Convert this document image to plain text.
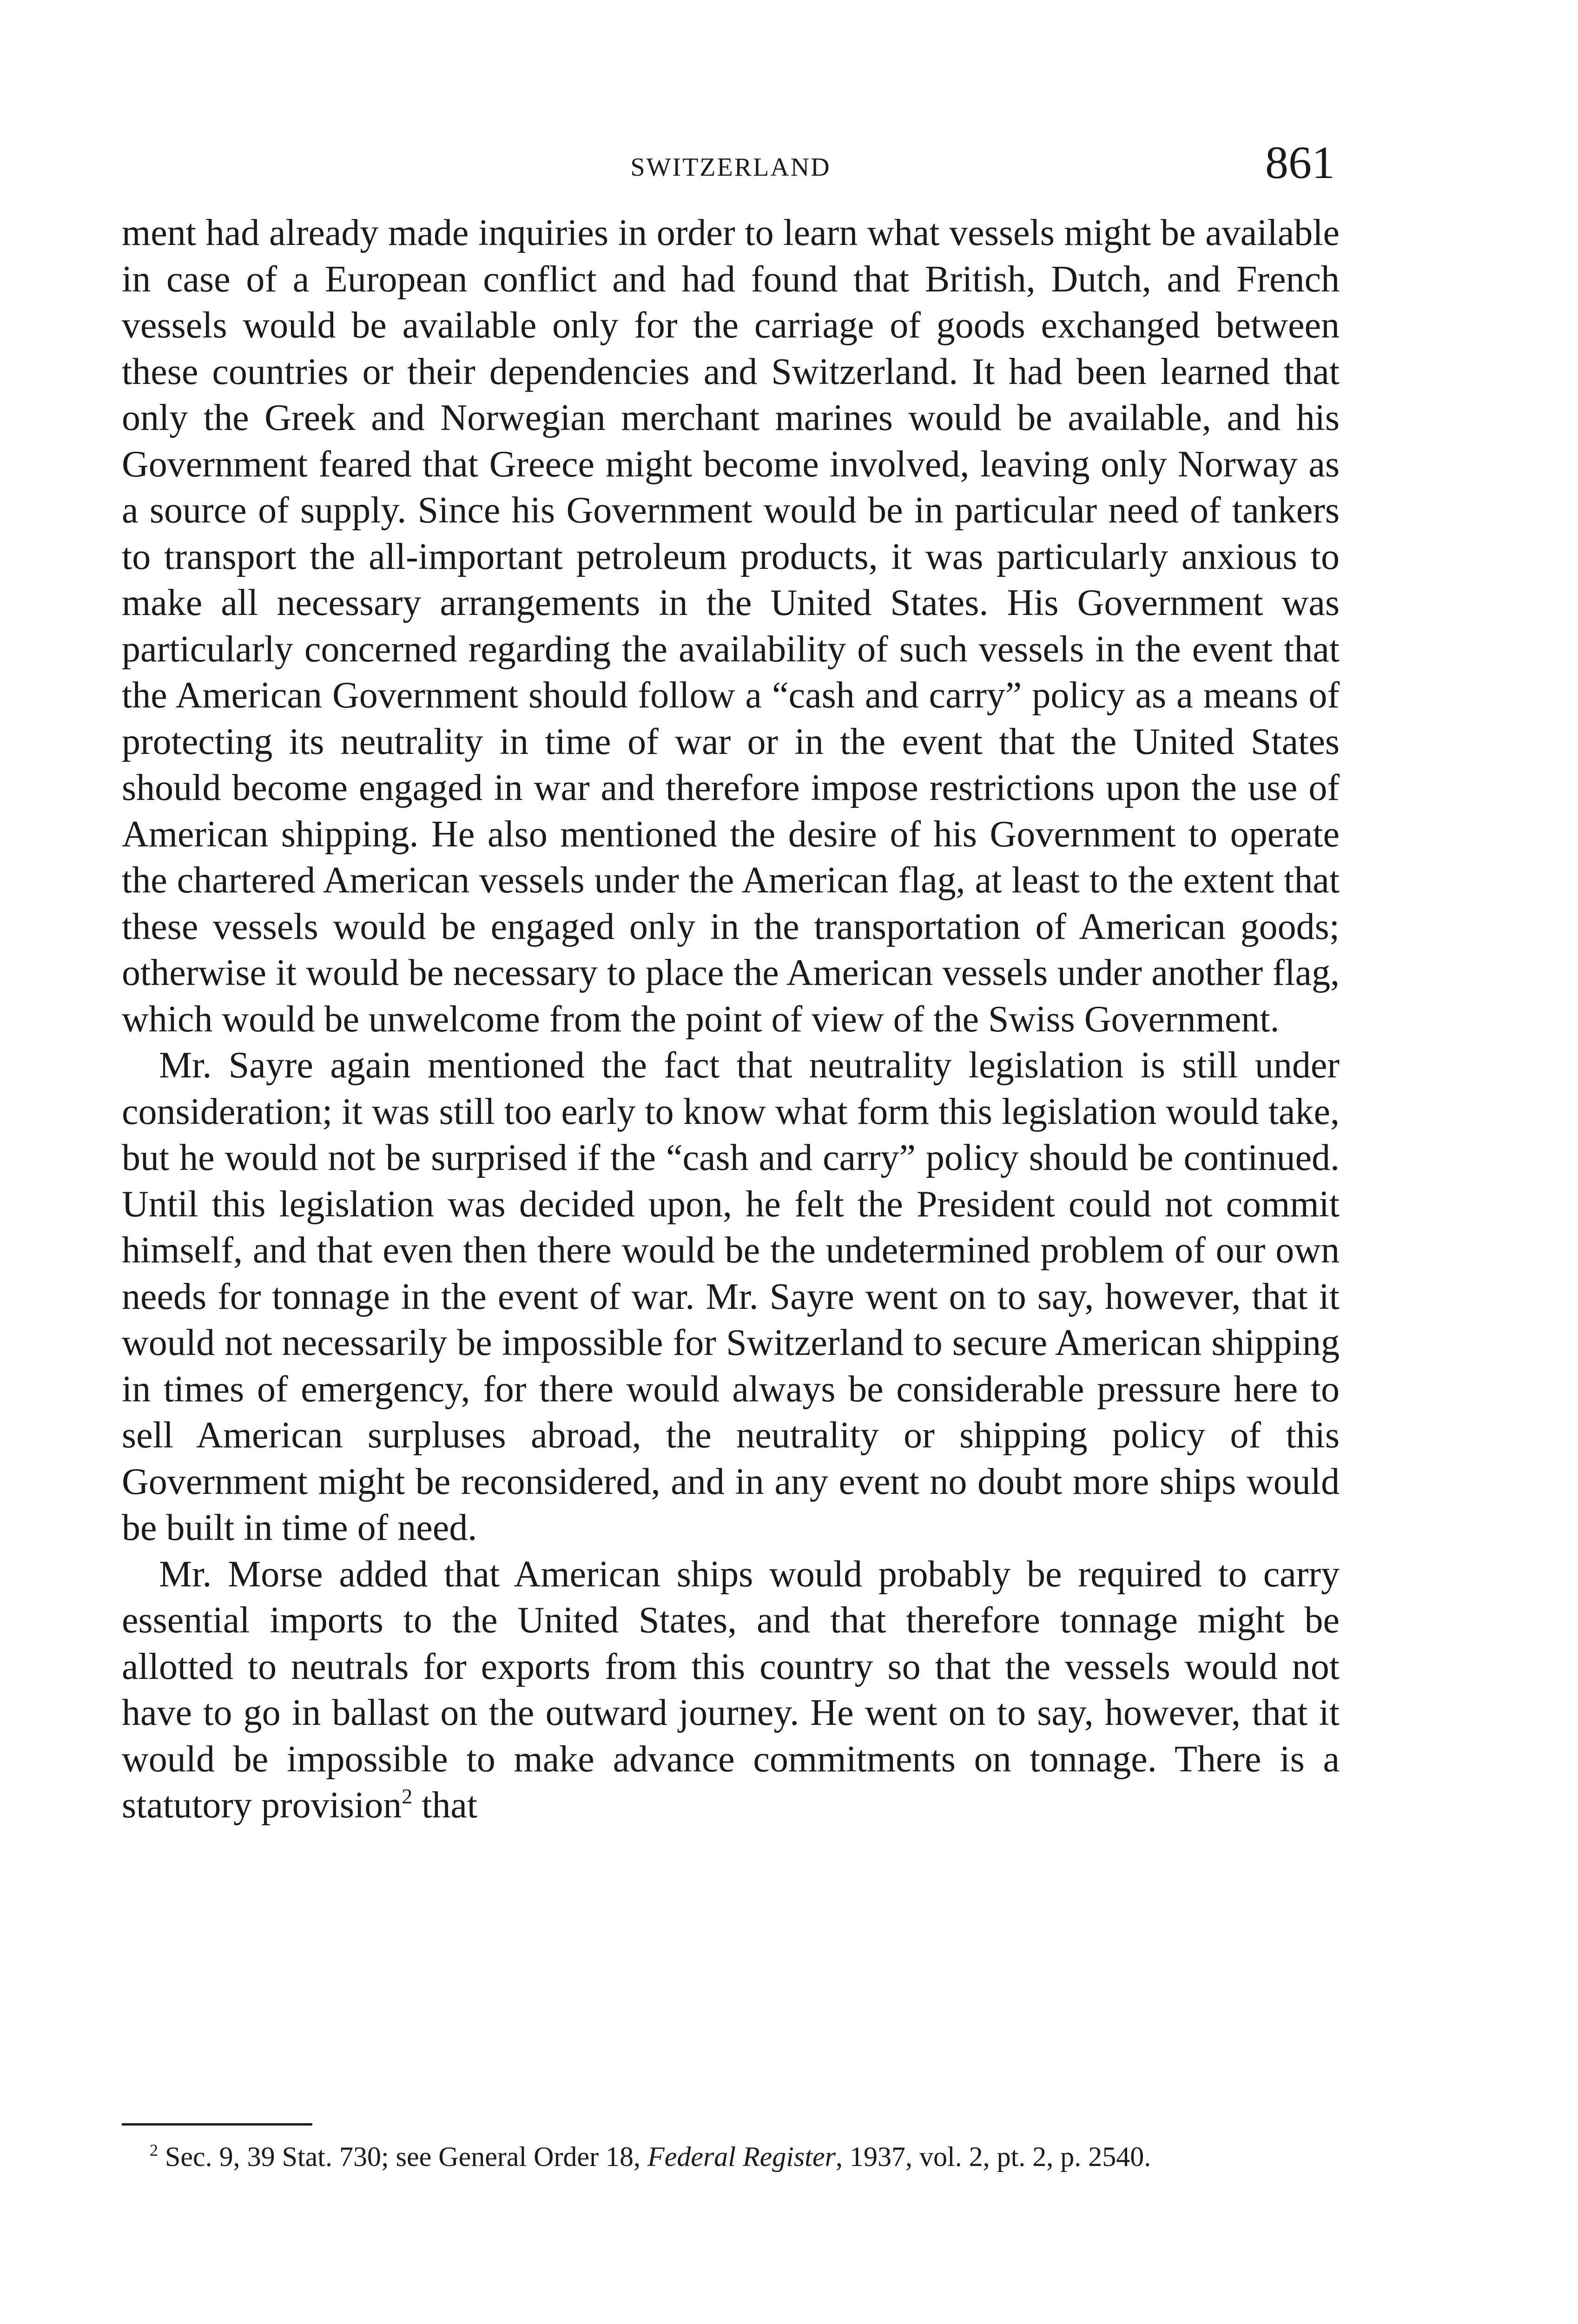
SWITZERLAND	861

ment had already made inquiries in order to learn what vessels might be available in case of a European conflict and had found that British, Dutch, and French vessels would be available only for the carriage of goods exchanged between these countries or their dependencies and Switzerland. It had been learned that only the Greek and Norwegian merchant marines would be available, and his Government feared that Greece might become involved, leaving only Norway as a source of supply. Since his Government would be in particular need of tankers to transport the all-important petroleum products, it was particularly anxious to make all necessary arrangements in the United States. His Government was particularly concerned regarding the availability of such vessels in the event that the American Government should follow a “cash and carry” policy as a means of protecting its neutrality in time of war or in the event that the United States should become engaged in war and therefore impose restrictions upon the use of American shipping. He also mentioned the desire of his Government to operate the chartered American vessels under the American flag, at least to the extent that these vessels would be engaged only in the transportation of American goods; otherwise it would be necessary to place the American vessels under another flag, which would be unwelcome from the point of view of the Swiss Government.

Mr. Sayre again mentioned the fact that neutrality legislation is still under consideration; it was still too early to know what form this legislation would take, but he would not be surprised if the “cash and carry” policy should be continued. Until this legislation was decided upon, he felt the President could not commit himself, and that even then there would be the undetermined problem of our own needs for tonnage in the event of war. Mr. Sayre went on to say, however, that it would not necessarily be impossible for Switzerland to secure American shipping in times of emergency, for there would always be considerable pressure here to sell American surpluses abroad, the neutrality or shipping policy of this Government might be reconsidered, and in any event no doubt more ships would be built in time of need.

Mr. Morse added that American ships would probably be required to carry essential imports to the United States, and that therefore tonnage might be allotted to neutrals for exports from this country so that the vessels would not have to go in ballast on the outward journey. He went on to say, however, that it would be impossible to make advance commitments on tonnage. There is a statutory provision$^2$ that

$^2$ Sec. 9, 39 Stat. 730; see General Order 18, Federal Register, 1937, vol. 2, pt. 2, p. 2540.
